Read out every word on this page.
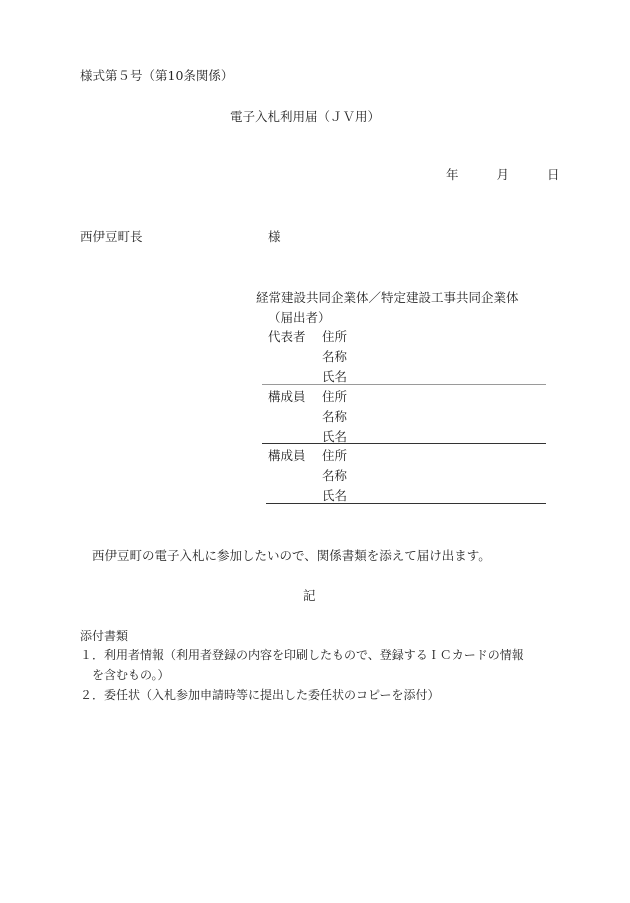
様式第５号（第10条関係）
電子入札利用届（ＪＶ用）
年	月	日
西伊豆町長	様
経常建設共同企業体／特定建設工事共同企業体
（届出者）
代表者 住所
名称
氏名
構成員 住所
名称
氏名
構成員 住所
名称
氏名
西伊豆町の電子入札に参加したいので、関係書類を添えて届け出ます。
記
添付書類
１．利用者情報（利用者登録の内容を印刷したもので、登録するＩＣカードの情報
を含むもの。）
２．委任状（入札参加申請時等に提出した委任状のコピーを添付）
